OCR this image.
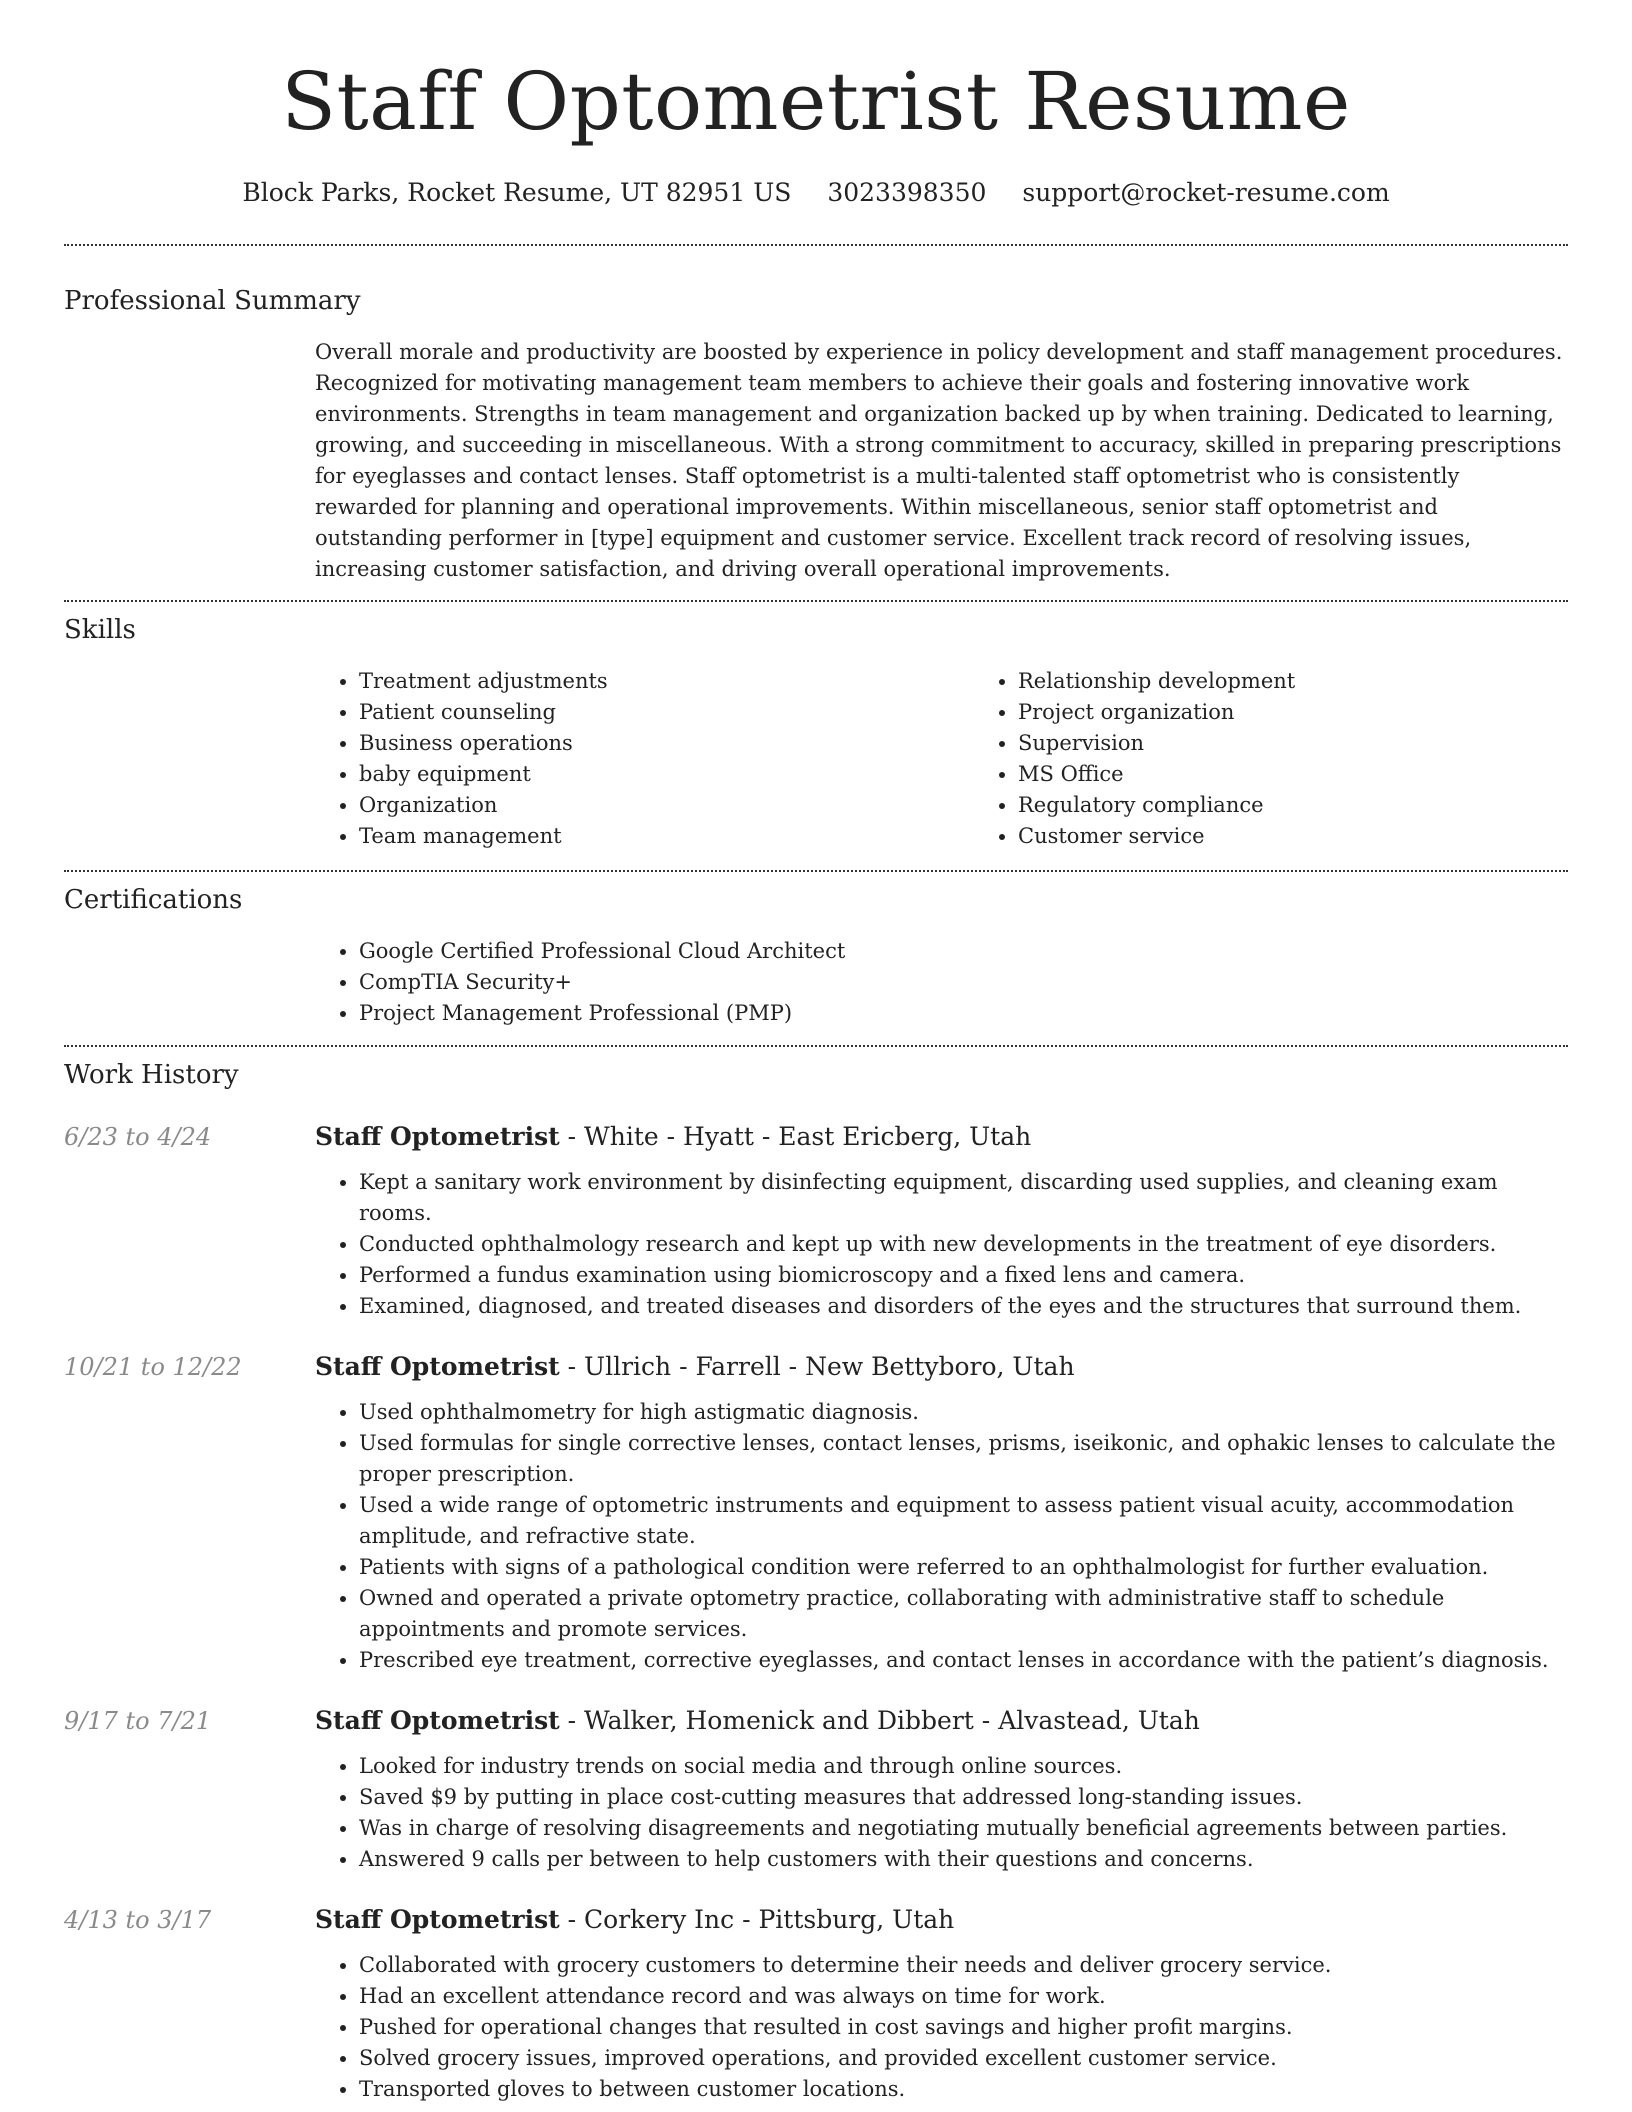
Staff Optometrist Resume
Block Parks, Rocket Resume, UT 82951 US 3023398350 support@rocket-resume.com
Professional Summary
Overall morale and productivity are boosted by experience in policy development and staff management procedures. Recognized for motivating management team members to achieve their goals and fostering innovative work environments. Strengths in team management and organization backed up by when training. Dedicated to learning, growing, and succeeding in miscellaneous. With a strong commitment to accuracy, skilled in preparing prescriptions for eyeglasses and contact lenses. Staff optometrist is a multi-talented staff optometrist who is consistently rewarded for planning and operational improvements. Within miscellaneous, senior staff optometrist and outstanding performer in [type] equipment and customer service. Excellent track record of resolving issues, increasing customer satisfaction, and driving overall operational improvements.
Skills
• Treatment adjustments
• Patient counseling
• Business operations
• baby equipment
• Organization
• Team management
• Relationship development
• Project organization
• Supervision
• MS Office
• Regulatory compliance
• Customer service
Certifications
• Google Certified Professional Cloud Architect
• CompTIA Security+
• Project Management Professional (PMP)
Work History
6/23 to 4/24	Staff Optometrist - White - Hyatt - East Ericberg, Utah
• Kept a sanitary work environment by disinfecting equipment, discarding used supplies, and cleaning exam rooms.
• Conducted ophthalmology research and kept up with new developments in the treatment of eye disorders.
• Performed a fundus examination using biomicroscopy and a fixed lens and camera.
• Examined, diagnosed, and treated diseases and disorders of the eyes and the structures that surround them.
10/21 to 12/22	Staff Optometrist - Ullrich - Farrell - New Bettyboro, Utah
• Used ophthalmometry for high astigmatic diagnosis.
• Used formulas for single corrective lenses, contact lenses, prisms, iseikonic, and ophakic lenses to calculate the proper prescription.
• Used a wide range of optometric instruments and equipment to assess patient visual acuity, accommodation amplitude, and refractive state.
• Patients with signs of a pathological condition were referred to an ophthalmologist for further evaluation.
• Owned and operated a private optometry practice, collaborating with administrative staff to schedule appointments and promote services.
• Prescribed eye treatment, corrective eyeglasses, and contact lenses in accordance with the patient’s diagnosis.
9/17 to 7/21	Staff Optometrist - Walker, Homenick and Dibbert - Alvastead, Utah
• Looked for industry trends on social media and through online sources.
• Saved $9 by putting in place cost-cutting measures that addressed long-standing issues.
• Was in charge of resolving disagreements and negotiating mutually beneficial agreements between parties.
• Answered 9 calls per between to help customers with their questions and concerns.
4/13 to 3/17	Staff Optometrist - Corkery Inc - Pittsburg, Utah
• Collaborated with grocery customers to determine their needs and deliver grocery service.
• Had an excellent attendance record and was always on time for work.
• Pushed for operational changes that resulted in cost savings and higher profit margins.
• Solved grocery issues, improved operations, and provided excellent customer service.
• Transported gloves to between customer locations.
